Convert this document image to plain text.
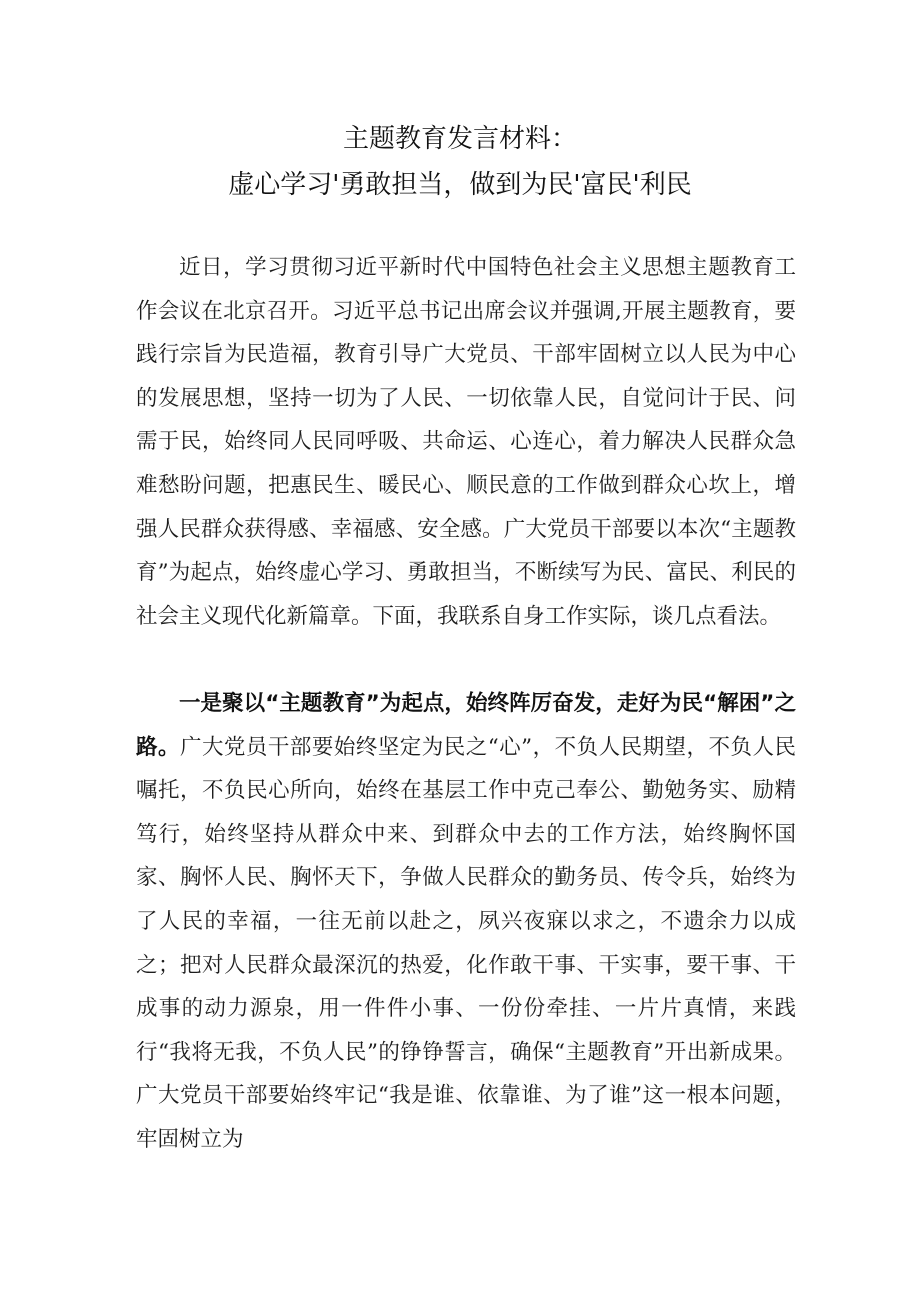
主题教育发言材料：
虚心学习'勇敢担当，做到为民'富民'利民

近日，学习贯彻习近平新时代中国特色社会主义思想主题教育工作会议在北京召开。习近平总书记出席会议并强调,开展主题教育，要践行宗旨为民造福，教育引导广大党员、干部牢固树立以人民为中心的发展思想，坚持一切为了人民、一切依靠人民，自觉问计于民、问需于民，始终同人民同呼吸、共命运、心连心，着力解决人民群众急难愁盼问题，把惠民生、暖民心、顺民意的工作做到群众心坎上，增强人民群众获得感、幸福感、安全感。广大党员干部要以本次“主题教育”为起点，始终虚心学习、勇敢担当，不断续写为民、富民、利民的社会主义现代化新篇章。下面，我联系自身工作实际，谈几点看法。

一是聚以“主题教育”为起点，始终阵厉奋发，走好为民“解困”之路。广大党员干部要始终坚定为民之“心”，不负人民期望，不负人民嘱托，不负民心所向，始终在基层工作中克己奉公、勤勉务实、励精笃行，始终坚持从群众中来、到群众中去的工作方法，始终胸怀国家、胸怀人民、胸怀天下，争做人民群众的勤务员、传令兵，始终为了人民的幸福，一往无前以赴之，夙兴夜寐以求之，不遗余力以成之；把对人民群众最深沉的热爱，化作敢干事、干实事，要干事、干成事的动力源泉，用一件件小事、一份份牵挂、一片片真情，来践行“我将无我，不负人民”的铮铮誓言，确保“主题教育”开出新成果。广大党员干部要始终牢记“我是谁、依靠谁、为了谁”这一根本问题，牢固树立为
